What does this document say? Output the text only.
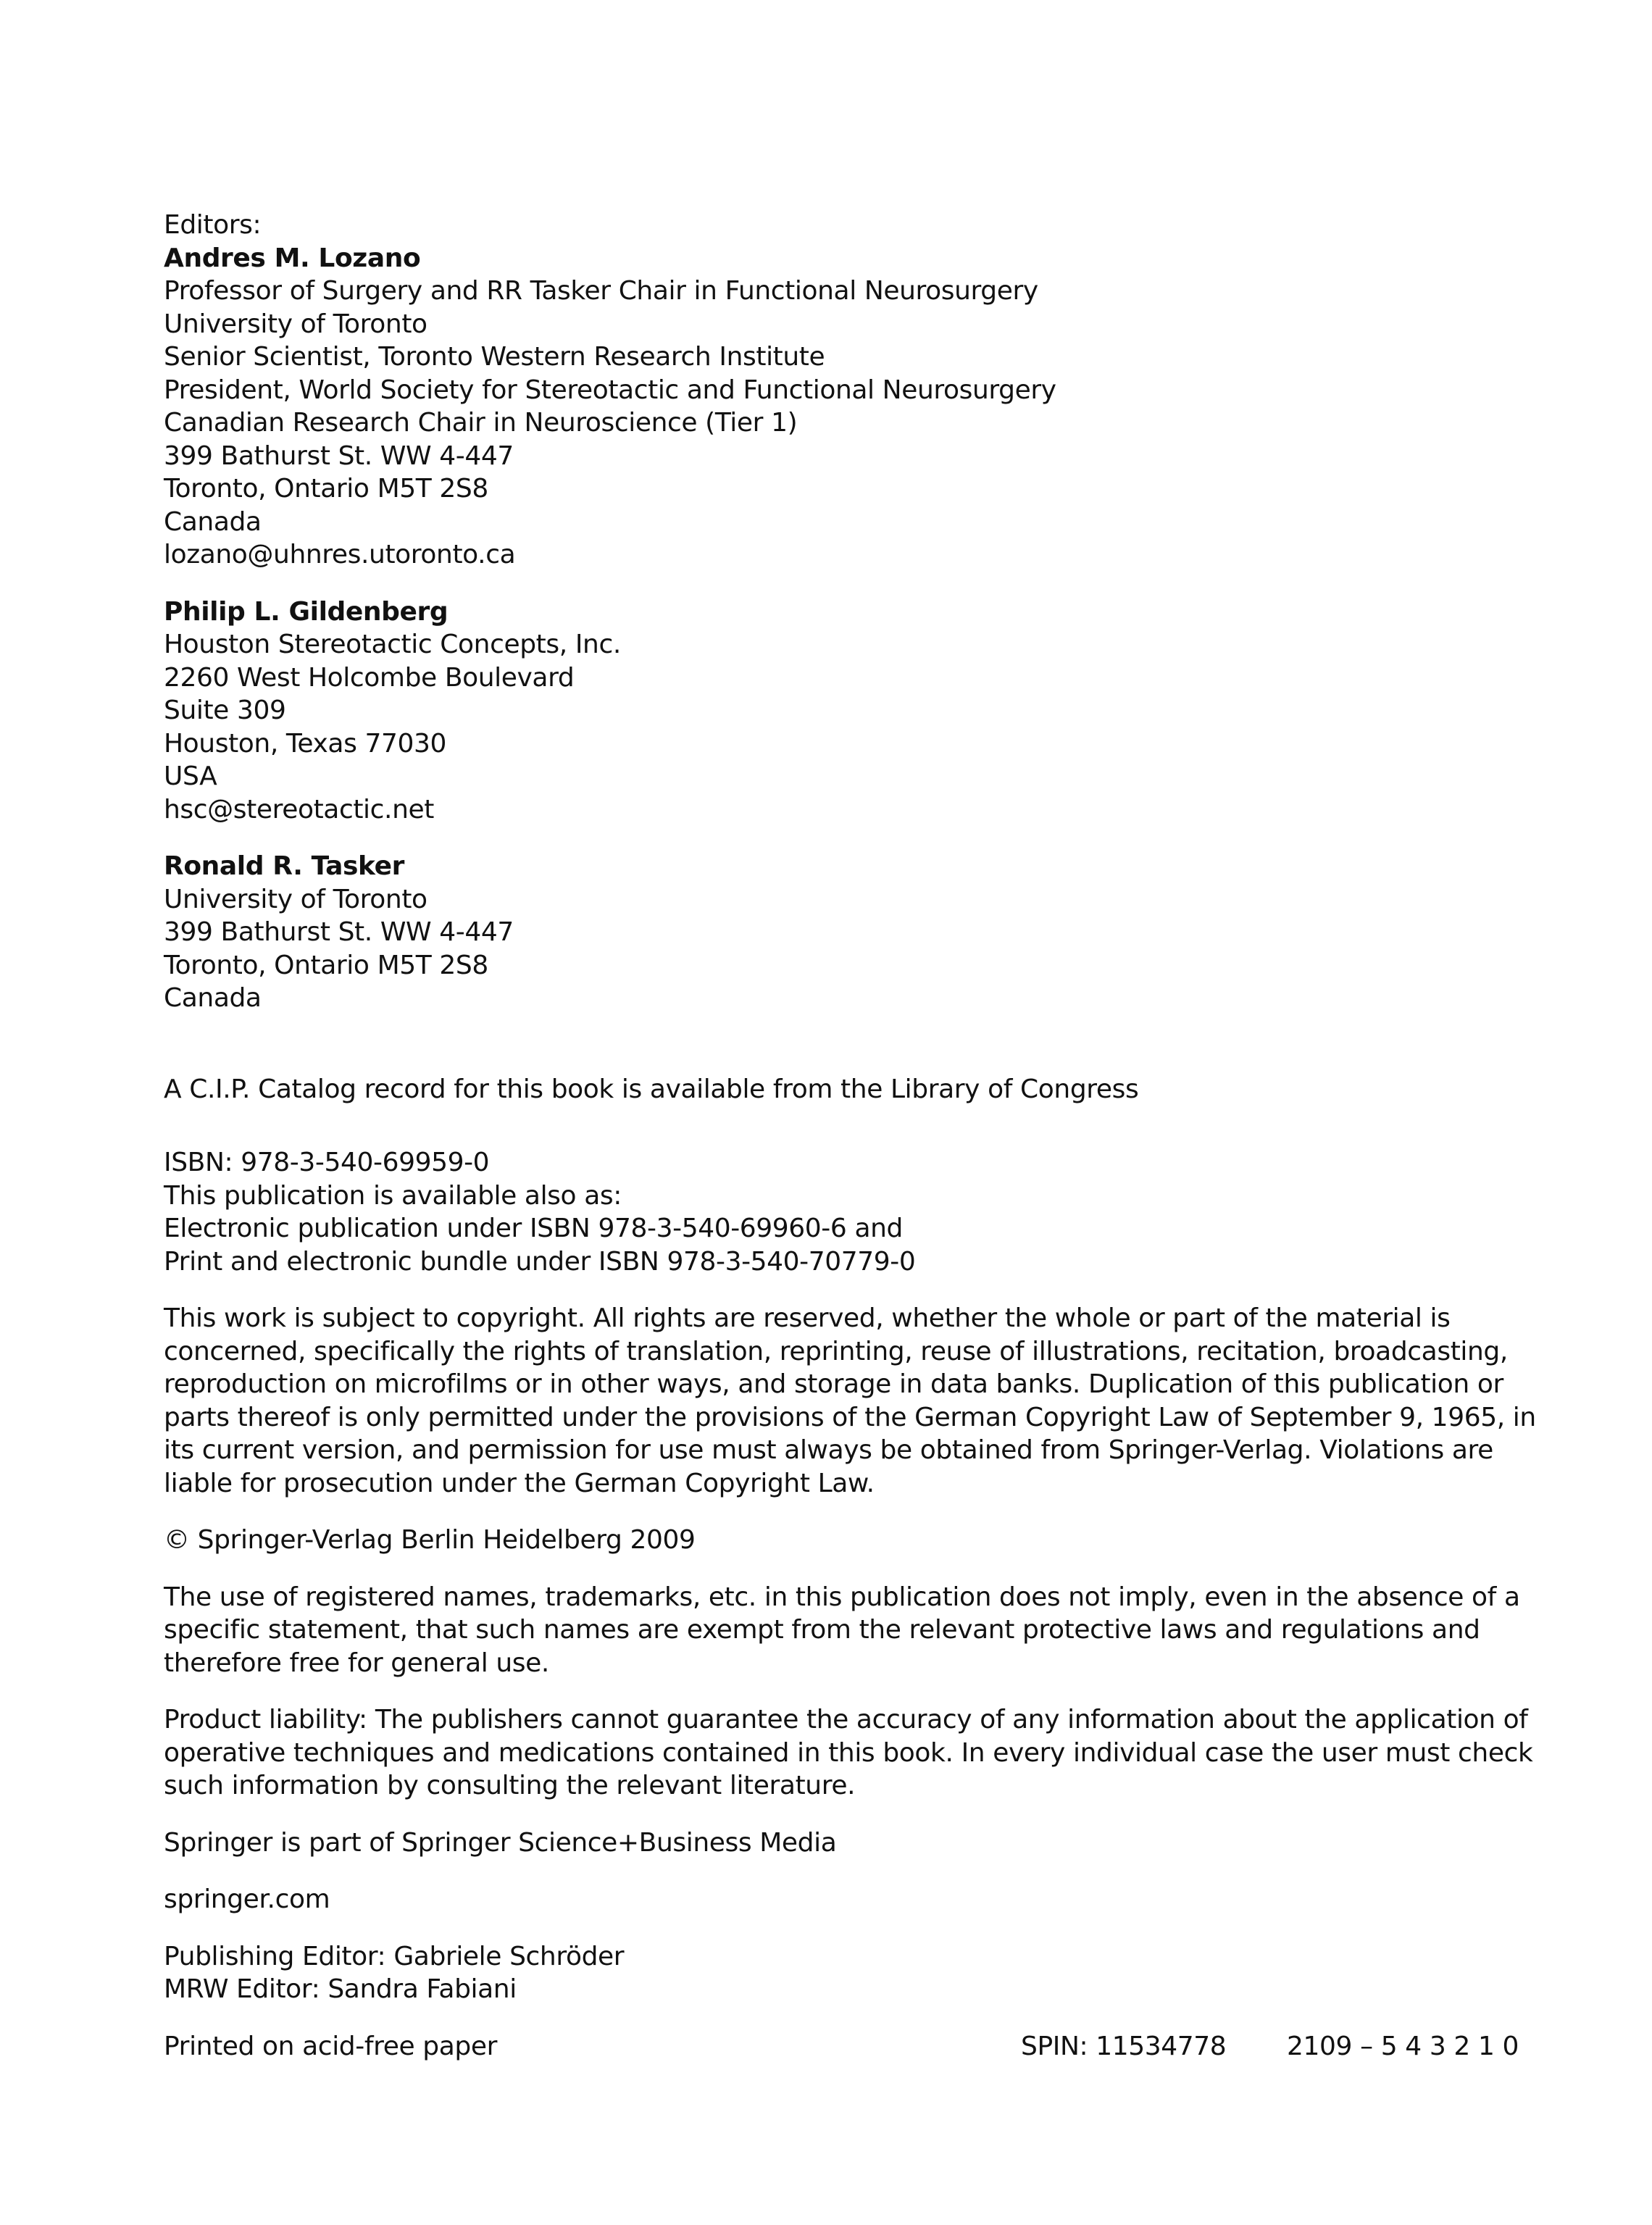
Editors:
Andres M. Lozano
Professor of Surgery and RR Tasker Chair in Functional Neurosurgery
University of Toronto
Senior Scientist, Toronto Western Research Institute
President, World Society for Stereotactic and Functional Neurosurgery
Canadian Research Chair in Neuroscience (Tier 1)
399 Bathurst St. WW 4-447
Toronto, Ontario M5T 2S8
Canada
lozano@uhnres.utoronto.ca
Philip L. Gildenberg
Houston Stereotactic Concepts, Inc.
2260 West Holcombe Boulevard
Suite 309
Houston, Texas 77030
USA
hsc@stereotactic.net
Ronald R. Tasker
University of Toronto
399 Bathurst St. WW 4-447
Toronto, Ontario M5T 2S8
Canada
A C.I.P. Catalog record for this book is available from the Library of Congress
ISBN: 978-3-540-69959-0
This publication is available also as:
Electronic publication under ISBN 978-3-540-69960-6 and
Print and electronic bundle under ISBN 978-3-540-70779-0
This work is subject to copyright. All rights are reserved, whether the whole or part of the material is
concerned, specifically the rights of translation, reprinting, reuse of illustrations, recitation, broadcasting,
reproduction on microfilms or in other ways, and storage in data banks. Duplication of this publication or
parts thereof is only permitted under the provisions of the German Copyright Law of September 9, 1965, in
its current version, and permission for use must always be obtained from Springer-Verlag. Violations are
liable for prosecution under the German Copyright Law.
© Springer-Verlag Berlin Heidelberg 2009
The use of registered names, trademarks, etc. in this publication does not imply, even in the absence of a
specific statement, that such names are exempt from the relevant protective laws and regulations and
therefore free for general use.
Product liability: The publishers cannot guarantee the accuracy of any information about the application of
operative techniques and medications contained in this book. In every individual case the user must check
such information by consulting the relevant literature.
Springer is part of Springer Science+Business Media
springer.com
Publishing Editor: Gabriele Schröder
MRW Editor: Sandra Fabiani
Printed on acid-free paper	SPIN: 11534778 2109 – 5 4 3 2 1 0
